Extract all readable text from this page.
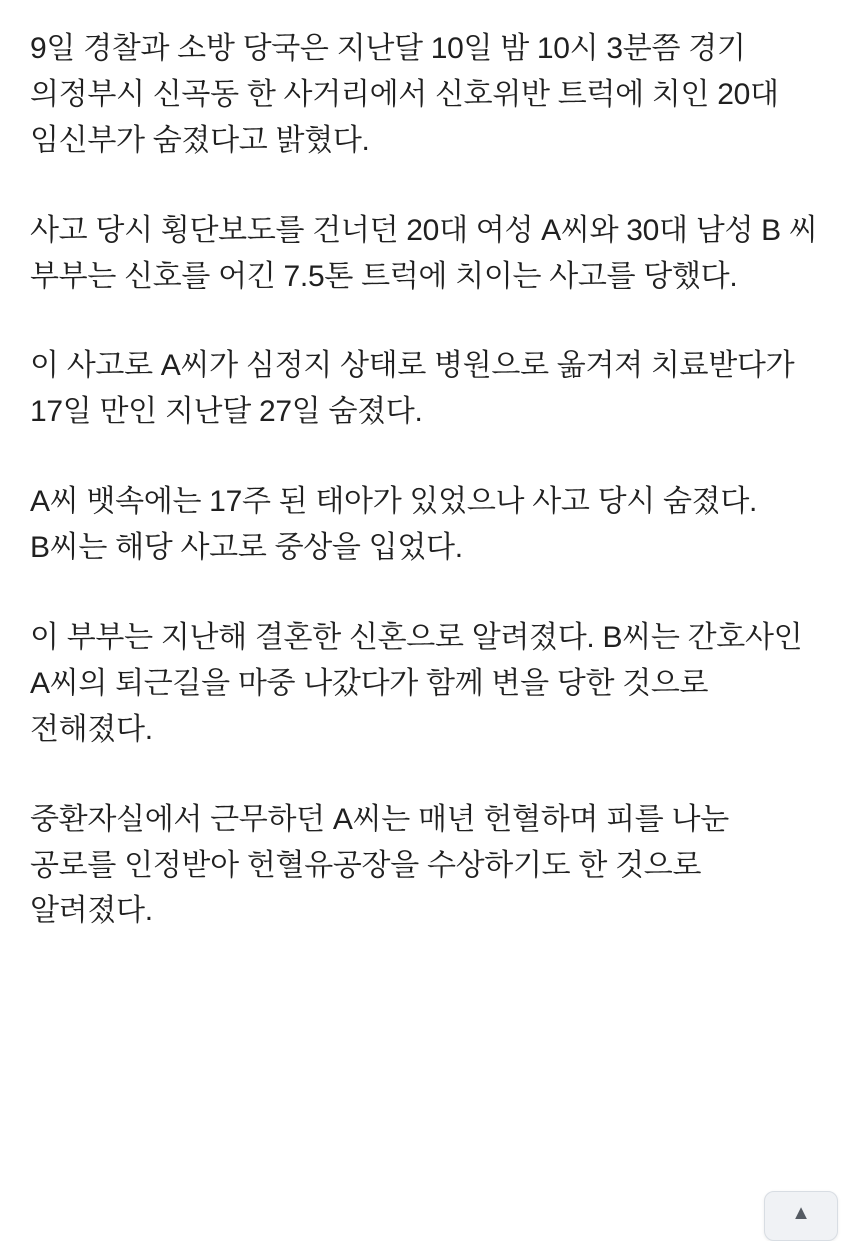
9일 경찰과 소방 당국은 지난달 10일 밤 10시 3분쯤 경기 의정부시 신곡동 한 사거리에서 신호위반 트럭에 치인 20대 임신부가 숨졌다고 밝혔다.

사고 당시 횡단보도를 건너던 20대 여성 A씨와 30대 남성 B 씨 부부는 신호를 어긴 7.5톤 트럭에 치이는 사고를 당했다.

이 사고로 A씨가 심정지 상태로 병원으로 옮겨져 치료받다가 17일 만인 지난달 27일 숨졌다.

A씨 뱃속에는 17주 된 태아가 있었으나 사고 당시 숨졌다. B씨는 해당 사고로 중상을 입었다.

이 부부는 지난해 결혼한 신혼으로 알려졌다. B씨는 간호사인 A씨의 퇴근길을 마중 나갔다가 함께 변을 당한 것으로 전해졌다.

중환자실에서 근무하던 A씨는 매년 헌혈하며 피를 나눈 공로를 인정받아 헌혈유공장을 수상하기도 한 것으로 알려졌다.

▲
